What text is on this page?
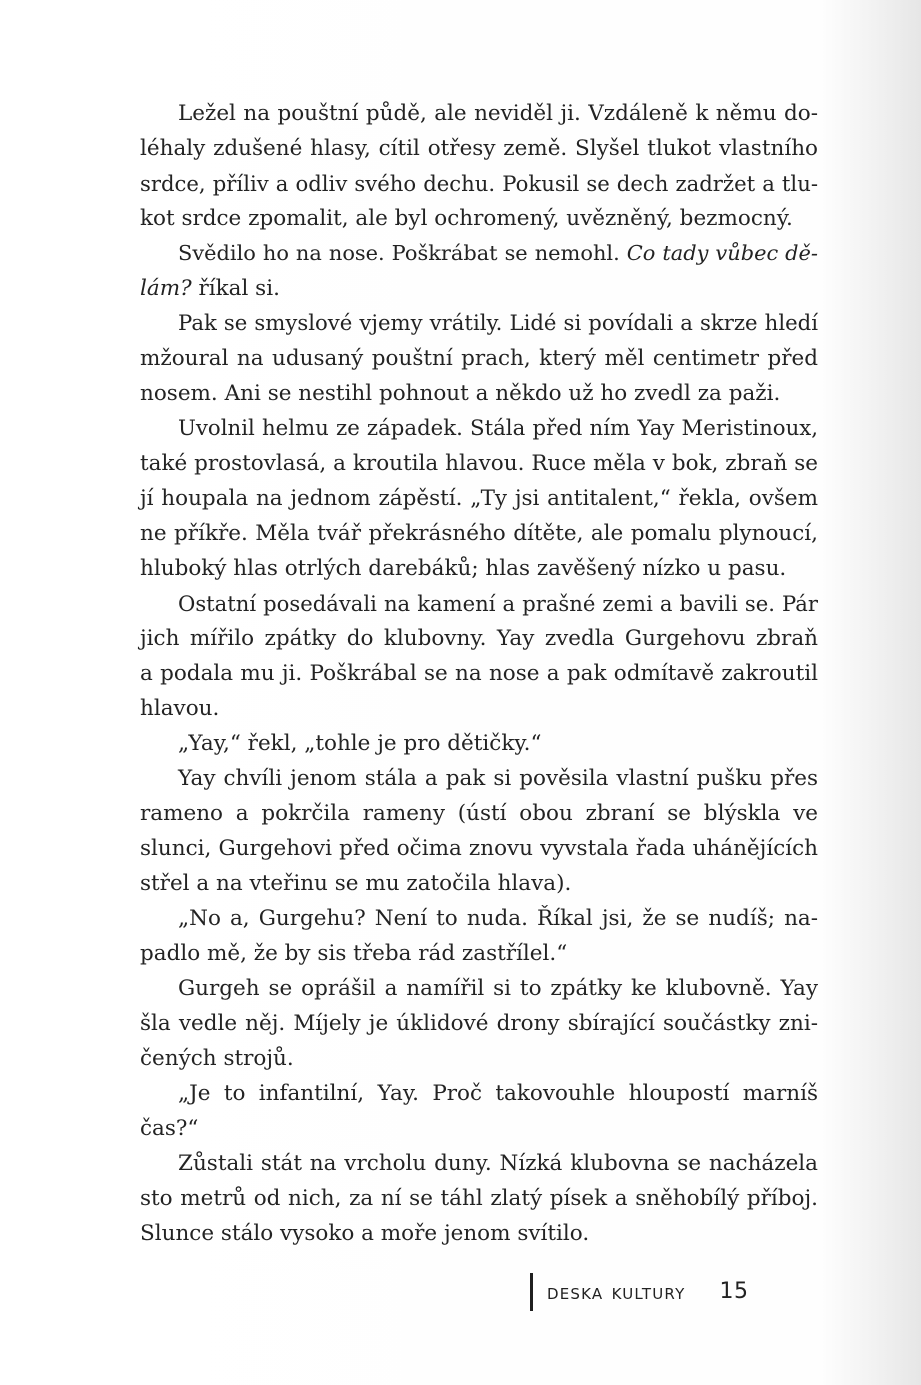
Ležel na pouštní půdě, ale neviděl ji. Vzdáleně k němu do-
léhaly zdušené hlasy, cítil otřesy země. Slyšel tlukot vlastního
srdce, příliv a odliv svého dechu. Pokusil se dech zadržet a tlu-
kot srdce zpomalit, ale byl ochromený, uvězněný, bezmocný.
Svědilo ho na nose. Poškrábat se nemohl. Co tady vůbec dě-
lám? říkal si.
Pak se smyslové vjemy vrátily. Lidé si povídali a skrze hledí
mžoural na udusaný pouštní prach, který měl centimetr před
nosem. Ani se nestihl pohnout a někdo už ho zvedl za paži.
Uvolnil helmu ze západek. Stála před ním Yay Meristinoux,
také prostovlasá, a kroutila hlavou. Ruce měla v bok, zbraň se
jí houpala na jednom zápěstí. „Ty jsi antitalent,“ řekla, ovšem
ne příkře. Měla tvář překrásného dítěte, ale pomalu plynoucí,
hluboký hlas otrlých darebáků; hlas zavěšený nízko u pasu.
Ostatní posedávali na kamení a prašné zemi a bavili se. Pár
jich mířilo zpátky do klubovny. Yay zvedla Gurgehovu zbraň
a podala mu ji. Poškrábal se na nose a pak odmítavě zakroutil
hlavou.
„Yay,“ řekl, „tohle je pro dětičky.“
Yay chvíli jenom stála a pak si pověsila vlastní pušku přes
rameno a pokrčila rameny (ústí obou zbraní se blýskla ve
slunci, Gurgehovi před očima znovu vyvstala řada uhánějících
střel a na vteřinu se mu zatočila hlava).
„No a, Gurgehu? Není to nuda. Říkal jsi, že se nudíš; na-
padlo mě, že by sis třeba rád zastřílel.“
Gurgeh se oprášil a namířil si to zpátky ke klubovně. Yay
šla vedle něj. Míjely je úklidové drony sbírající součástky zni-
čených strojů.
„Je to infantilní, Yay. Proč takovouhle hloupostí marníš
čas?“
Zůstali stát na vrcholu duny. Nízká klubovna se nacházela
sto metrů od nich, za ní se táhl zlatý písek a sněhobílý příboj.
Slunce stálo vysoko a moře jenom svítilo.
deska kultury 15
